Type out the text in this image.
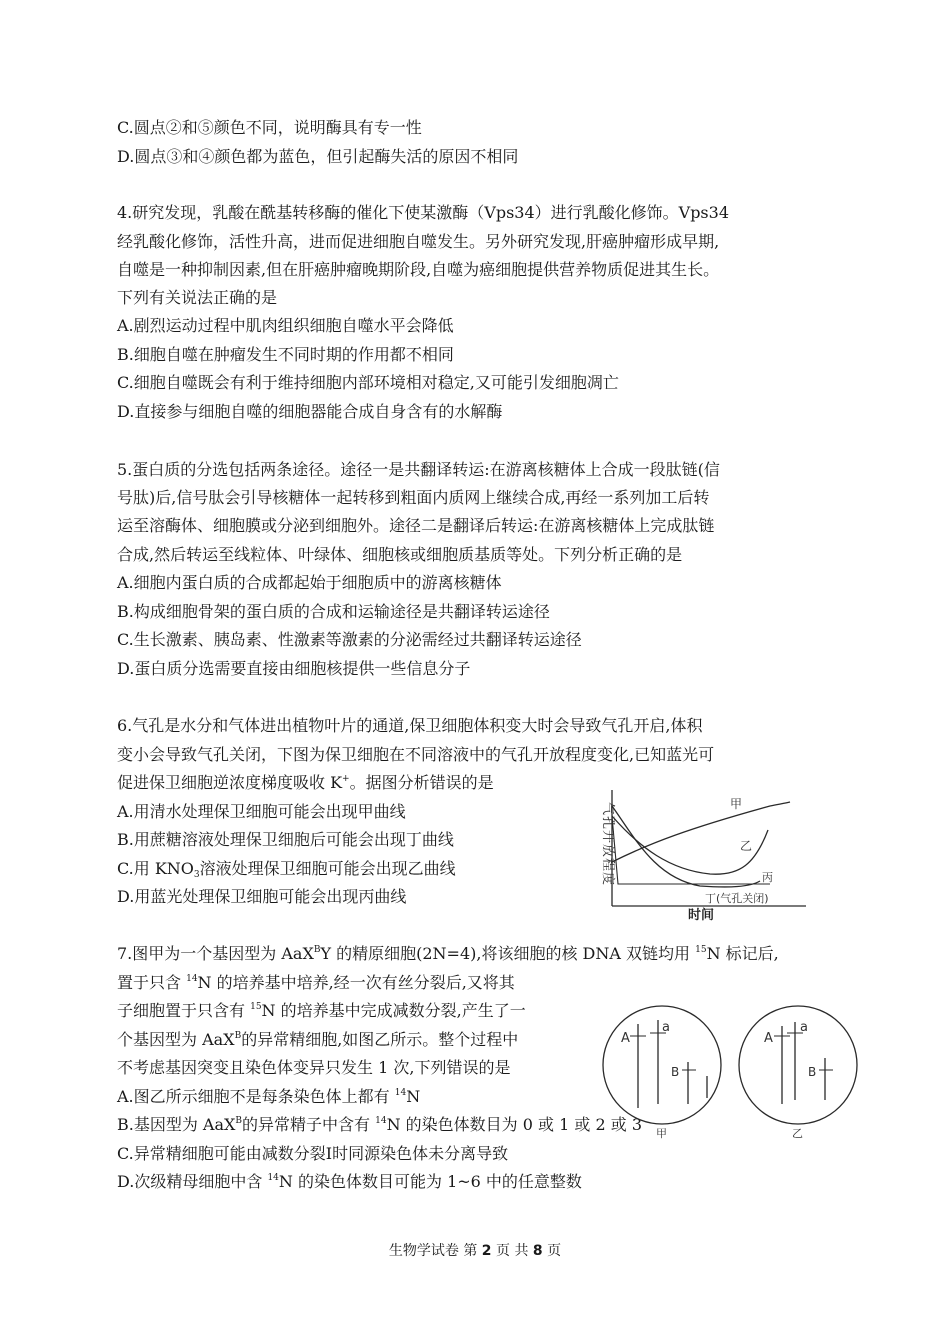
C.圆点②和⑤颜色不同，说明酶具有专一性
D.圆点③和④颜色都为蓝色，但引起酶失活的原因不相同
4.研究发现，乳酸在酰基转移酶的催化下使某激酶（Vps34）进行乳酸化修饰。Vps34
经乳酸化修饰，活性升高，进而促进细胞自噬发生。另外研究发现,肝癌肿瘤形成早期,
自噬是一种抑制因素,但在肝癌肿瘤晚期阶段,自噬为癌细胞提供营养物质促进其生长。
下列有关说法正确的是
A.剧烈运动过程中肌肉组织细胞自噬水平会降低
B.细胞自噬在肿瘤发生不同时期的作用都不相同
C.细胞自噬既会有利于维持细胞内部环境相对稳定,又可能引发细胞凋亡
D.直接参与细胞自噬的细胞器能合成自身含有的水解酶
5.蛋白质的分选包括两条途径。途径一是共翻译转运:在游离核糖体上合成一段肽链(信
号肽)后,信号肽会引导核糖体一起转移到粗面内质网上继续合成,再经一系列加工后转
运至溶酶体、细胞膜或分泌到细胞外。途径二是翻译后转运:在游离核糖体上完成肽链
合成,然后转运至线粒体、叶绿体、细胞核或细胞质基质等处。下列分析正确的是
A.细胞内蛋白质的合成都起始于细胞质中的游离核糖体
B.构成细胞骨架的蛋白质的合成和运输途径是共翻译转运途径
C.生长激素、胰岛素、性激素等激素的分泌需经过共翻译转运途径
D.蛋白质分选需要直接由细胞核提供一些信息分子
6.气孔是水分和气体进出植物叶片的通道,保卫细胞体积变大时会导致气孔开启,体积
变小会导致气孔关闭，下图为保卫细胞在不同溶液中的气孔开放程度变化,已知蓝光可
促进保卫细胞逆浓度梯度吸收 K+。据图分析错误的是
A.用清水处理保卫细胞可能会出现甲曲线
B.用蔗糖溶液处理保卫细胞后可能会出现丁曲线
C.用 $KNO_3$溶液处理保卫细胞可能会出现乙曲线
D.用蓝光处理保卫细胞可能会出现丙曲线
气孔开放程度
时间
甲
乙
丙
丁(气孔关闭)
7.图甲为一个基因型为 AaX$^B$Y 的精原细胞(2N=4),将该细胞的核 DNA 双链均用 $^{15}$N 标记后,
置于只含 $^{14}$N 的培养基中培养,经一次有丝分裂后,又将其
子细胞置于只含有 $^{15}$N 的培养基中完成减数分裂,产生了一
个基因型为 AaX$^B$的异常精细胞,如图乙所示。整个过程中
不考虑基因突变且染色体变异只发生 1 次,下列错误的是
A.图乙所示细胞不是每条染色体上都有 $^{14}$N
B.基因型为 AaX$^B$的异常精子中含有 $^{14}$N 的染色体数目为 0 或 1 或 2 或 3
C.异常精细胞可能由减数分裂Ⅰ时同源染色体未分离导致
D.次级精母细胞中含 $^{14}$N 的染色体数目可能为 1~6 中的任意整数
A
a
B
甲
A
a
B
乙
生物学试卷 第 2 页 共 8 页
